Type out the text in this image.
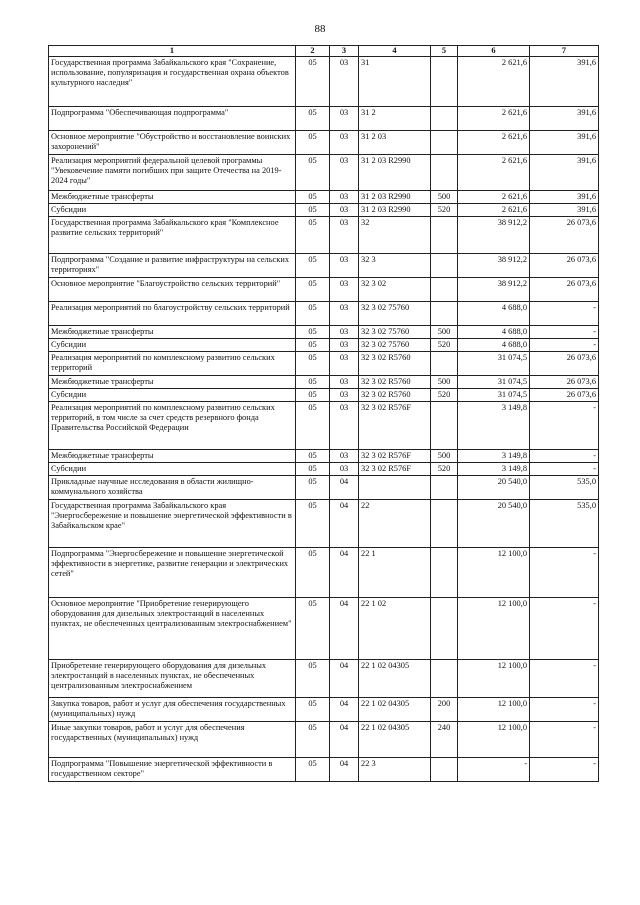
88
1	2	3	4	5	6	7
Государственная программа Забайкальского края "Сохранение, использование, популяризация и государственная охрана объектов культурного наследия"	05	03	31		2 621,6	391,6
Подпрограмма "Обеспечивающая подпрограмма"	05	03	31 2		2 621,6	391,6
Основное мероприятие "Обустройство и восстановление воинских захоронений"	05	03	31 2 03		2 621,6	391,6
Реализация мероприятий федеральной целевой программы "Увековечение памяти погибших при защите Отечества на 2019-2024 годы"	05	03	31 2 03 R2990		2 621,6	391,6
Межбюджетные трансферты	05	03	31 2 03 R2990	500	2 621,6	391,6
Субсидии	05	03	31 2 03 R2990	520	2 621,6	391,6
Государственная программа Забайкальского края "Комплексное развитие сельских территорий"	05	03	32		38 912,2	26 073,6
Подпрограмма "Создание и развитие инфраструктуры на сельских территориях"	05	03	32 3		38 912,2	26 073,6
Основное мероприятие "Благоустройство сельских территорий"	05	03	32 3 02		38 912,2	26 073,6
Реализация мероприятий по благоустройству сельских территорий	05	03	32 3 02 75760		4 688,0	-
Межбюджетные трансферты	05	03	32 3 02 75760	500	4 688,0	-
Субсидии	05	03	32 3 02 75760	520	4 688,0	-
Реализация мероприятий по комплексному развитию сельских территорий	05	03	32 3 02 R5760		31 074,5	26 073,6
Межбюджетные трансферты	05	03	32 3 02 R5760	500	31 074,5	26 073,6
Субсидии	05	03	32 3 02 R5760	520	31 074,5	26 073,6
Реализация мероприятий по комплексному развитию сельских территорий, в том числе за счет средств резервного фонда Правительства Российской Федерации	05	03	32 3 02 R576F		3 149,8	-
Межбюджетные трансферты	05	03	32 3 02 R576F	500	3 149,8	-
Субсидии	05	03	32 3 02 R576F	520	3 149,8	-
Прикладные научные исследования в области жилищно-коммунального хозяйства	05	04			20 540,0	535,0
Государственная программа Забайкальского края "Энергосбережение и повышение энергетической эффективности в Забайкальском крае"	05	04	22		20 540,0	535,0
Подпрограмма "Энергосбережение и повышение энергетической эффективности в энергетике, развитие генерации и электрических сетей"	05	04	22 1		12 100,0	-
Основное мероприятие "Приобретение генерирующего оборудования для дизельных электростанций в населенных пунктах, не обеспеченных централизованным электроснабжением"	05	04	22 1 02		12 100,0	-
Приобретение генерирующего оборудования для дизельных электростанций в населенных пунктах, не обеспеченных централизованным электроснабжением	05	04	22 1 02 04305		12 100,0	-
Закупка товаров, работ и услуг для обеспечения государственных (муниципальных) нужд	05	04	22 1 02 04305	200	12 100,0	-
Иные закупки товаров, работ и услуг для обеспечения государственных (муниципальных) нужд	05	04	22 1 02 04305	240	12 100,0	-
Подпрограмма "Повышение энергетической эффективности в государственном секторе"	05	04	22 3		-	-
